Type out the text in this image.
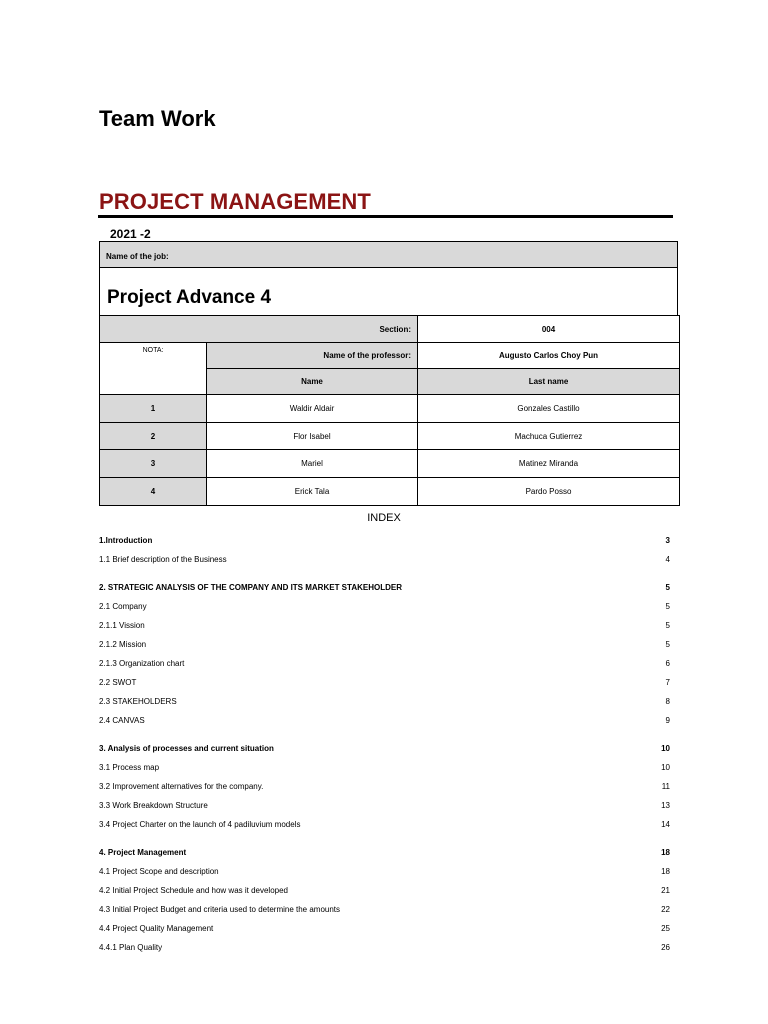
Team Work
PROJECT MANAGEMENT
2021 -2
Name of the job:
Project Advance 4
Section:		004
NOTA:	Name of the professor:	Augusto Carlos Choy Pun
	Name	Last name
1	Waldir Aldair	Gonzales Castillo
2	Flor Isabel	Machuca Gutierrez
3	Mariel	Matinez Miranda
4	Erick Tala	Pardo Posso
INDEX
1.Introduction	3
1.1 Brief description of the Business	4
2. STRATEGIC ANALYSIS OF THE COMPANY AND ITS MARKET STAKEHOLDER	5
2.1 Company	5
2.1.1 Vission	5
2.1.2 Mission	5
2.1.3 Organization chart	6
2.2 SWOT	7
2.3 STAKEHOLDERS	8
2.4 CANVAS	9
3. Analysis of processes and current situation	10
3.1 Process map	10
3.2 Improvement alternatives for the company.	11
3.3 Work Breakdown Structure	13
3.4 Project Charter on the launch of 4 padiluvium models	14
4. Project Management	18
4.1 Project Scope and description	18
4.2 Initial Project Schedule and how was it developed	21
4.3 Initial Project Budget and criteria used to determine the amounts	22
4.4 Project Quality Management	25
4.4.1 Plan Quality	26
